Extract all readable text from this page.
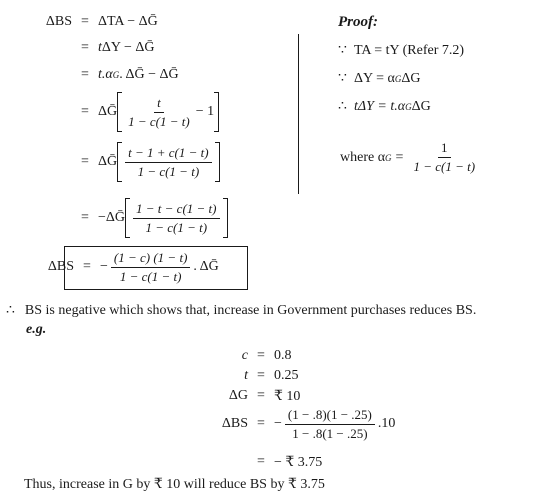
ΔBS = ΔTA − ΔḠ
= t ΔY − ΔḠ
= t.α G . ΔḠ − ΔḠ
= ΔḠ $\frac{t}{1 - c(1 - t)} - 1$
= ΔḠ $\frac{t - 1 + c(1 - t)}{1 - c(1 - t)}$
= −ΔḠ $\frac{1 - t - c(1 - t)}{1 - c(1 - t)}$
ΔBS = − $\frac{(1 - c) (1 - t)}{1 - c(1 - t)}$ . ΔḠ
Proof:
∵ TA = tY (Refer 7.2)
∵ ΔY = α G ΔG
∴ tΔY = t.α G ΔG
where α $G = \frac{1}{1 - c(1 - t)}$
∴ BS is negative which shows that, increase in Government purchases reduces BS.
e.g.
c = 0.8
t = 0.25
ΔG = ₹ 10
ΔBS = − $\frac{(1 - .8)(1 - .25)}{1 - .8(1 - .25)} .10$
= − ₹ 3.75
Thus, increase in G by ₹ 10 will reduce BS by ₹ 3.75
